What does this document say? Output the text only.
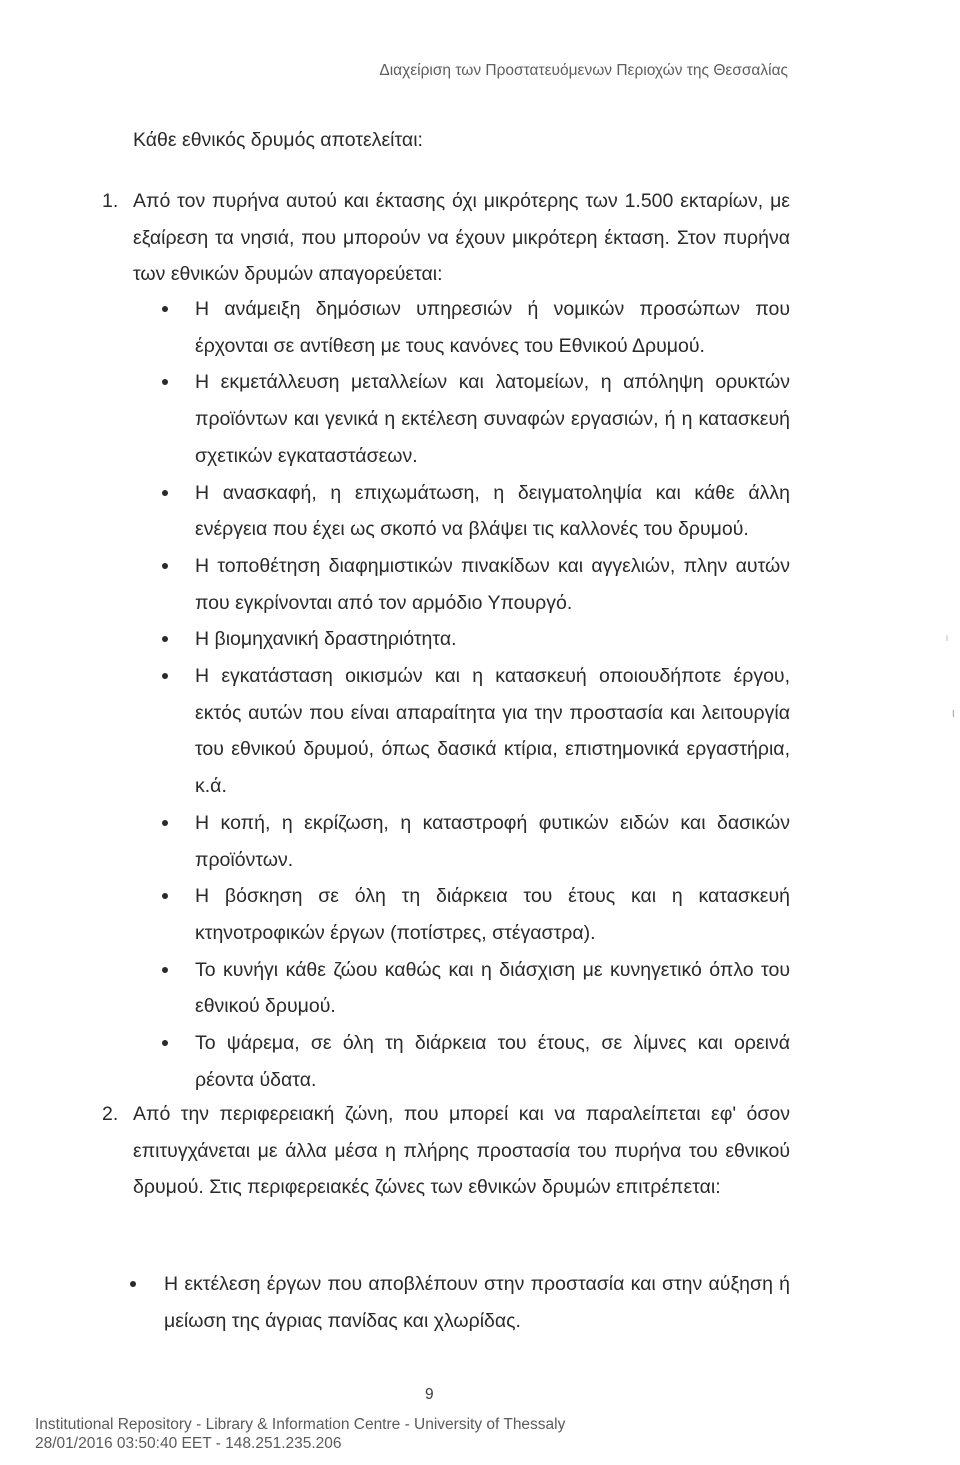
Διαχείριση των Προστατευόμενων Περιοχών της Θεσσαλίας
Κάθε εθνικός δρυμός αποτελείται:
1. Από τον πυρήνα αυτού και έκτασης όχι μικρότερης των 1.500 εκταρίων, με εξαίρεση τα νησιά, που μπορούν να έχουν μικρότερη έκταση. Στον πυρήνα των εθνικών δρυμών απαγορεύεται:
Η ανάμειξη δημόσιων υπηρεσιών ή νομικών προσώπων που έρχονται σε αντίθεση με τους κανόνες του Εθνικού Δρυμού.
Η εκμετάλλευση μεταλλείων και λατομείων, η απόληψη ορυκτών προϊόντων και γενικά η εκτέλεση συναφών εργασιών, ή η κατασκευή σχετικών εγκαταστάσεων.
Η ανασκαφή, η επιχωμάτωση, η δειγματοληψία και κάθε άλλη ενέργεια που έχει ως σκοπό να βλάψει τις καλλονές του δρυμού.
Η τοποθέτηση διαφημιστικών πινακίδων και αγγελιών, πλην αυτών που εγκρίνονται από τον αρμόδιο Υπουργό.
Η βιομηχανική δραστηριότητα.
Η εγκατάσταση οικισμών και η κατασκευή οποιουδήποτε έργου, εκτός αυτών που είναι απαραίτητα για την προστασία και λειτουργία του εθνικού δρυμού, όπως δασικά κτίρια, επιστημονικά εργαστήρια, κ.ά.
Η κοπή, η εκρίζωση, η καταστροφή φυτικών ειδών και δασικών προϊόντων.
Η βόσκηση σε όλη τη διάρκεια του έτους και η κατασκευή κτηνοτροφικών έργων (ποτίστρες, στέγαστρα).
Το κυνήγι κάθε ζώου καθώς και η διάσχιση με κυνηγετικό όπλο του εθνικού δρυμού.
Το ψάρεμα, σε όλη τη διάρκεια του έτους, σε λίμνες και ορεινά ρέοντα ύδατα.
2. Από την περιφερειακή ζώνη, που μπορεί και να παραλείπεται εφ' όσον επιτυγχάνεται με άλλα μέσα η πλήρης προστασία του πυρήνα του εθνικού δρυμού. Στις περιφερειακές ζώνες των εθνικών δρυμών επιτρέπεται:
Η εκτέλεση έργων που αποβλέπουν στην προστασία και στην αύξηση ή μείωση της άγριας πανίδας και χλωρίδας.
ᵢ
ι
9
Institutional Repository - Library & Information Centre - University of Thessaly
28/01/2016 03:50:40 EET - 148.251.235.206
